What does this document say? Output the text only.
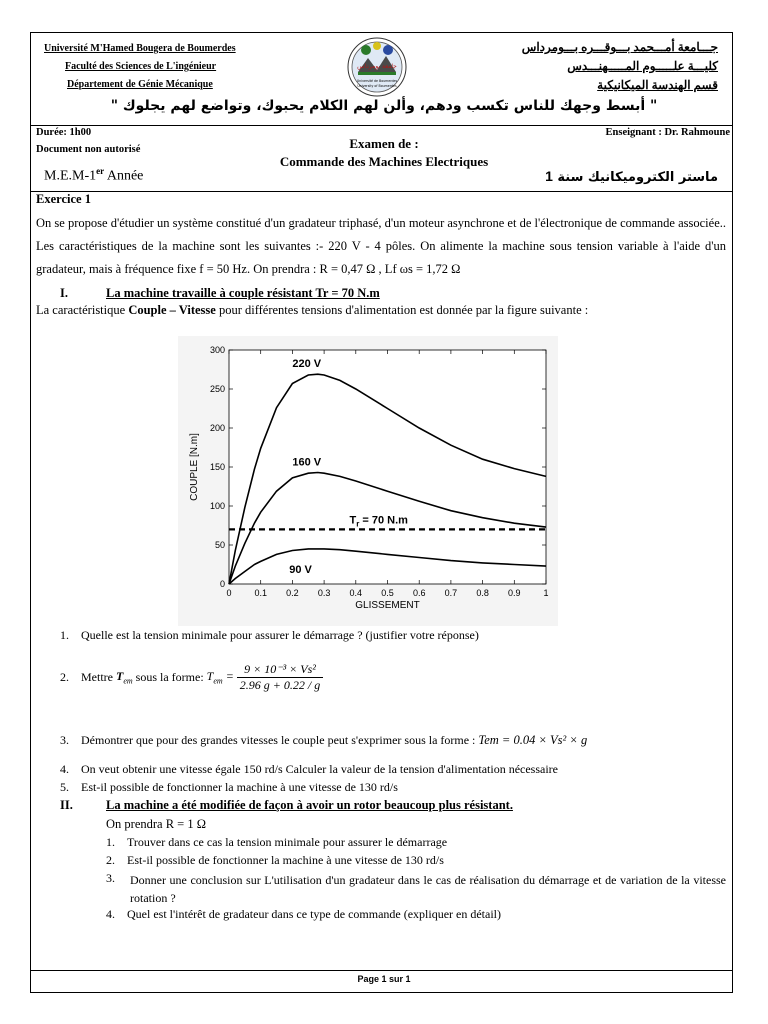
Université M'Hamed Bougera de Boumerdes
Faculté des Sciences de L'ingénieur
Département de Génie Mécanique
جامعة بومرداس
Université de Boumerdes
University of Boumerdes
جـــامعة أمـــحمد بـــوقـــره بـــومرداس
كليـــة علـــــوم المـــــهنـــدس
قسم الهندسة الميكانيكية
" أبسط وجهك للناس تكسب ودهم، وألن لهم الكلام يحبوك، وتواضع لهم يجلوك "
Durée: 1h00
Document non autorisé
Enseignant : Dr. Rahmoune
Examen de :
Commande des Machines Electriques
M.E.M-1er Année	ماستر الكتروميكانيك سنة 1
Exercice 1
On se propose d'étudier un système constitué d'un gradateur triphasé, d'un moteur asynchrone et de l'électronique de commande associée.. Les caractéristiques de la machine sont les suivantes :- 220 V - 4 pôles. On alimente la machine sous tension variable à l'aide d'un gradateur, mais à fréquence fixe f = 50 Hz. On prendra : R = 0,47 Ω , Lf ωs = 1,72 Ω
I.	La machine travaille à couple résistant Tr = 70 N.m
La caractéristique Couple – Vitesse pour différentes tensions d'alimentation est donnée par la figure suivante :
0	0.1 0.2 0.3 0.4 0.5 0.6 0.7 0.8 0.9	1
0
50
100
150
200
250
300
GLISSEMENT
COUPLE [N.m]
$T_r = 70$ N.m
220 V
160 V
90 V
1. Quelle est la tension minimale pour assurer le démarrage ? (justifier votre réponse)
2. Mettre $T_{em}$ sous la forme: $T_{em} = \frac{\text{9 × 10⁻³ × Vs²}}{2.96 g + 0.22 / g}$
3. Démontrer que pour des grandes vitesses le couple peut s'exprimer sous la forme : Tem = 0.04 × Vs² × g
4. On veut obtenir une vitesse égale 150 rd/s Calculer la valeur de la tension d'alimentation nécessaire
5. Est-il possible de fonctionner la machine à une vitesse de 130 rd/s
II.	La machine a été modifiée de façon à avoir un rotor beaucoup plus résistant.
On prendra R = 1 Ω
1. Trouver dans ce cas la tension minimale pour assurer le démarrage
2. Est-il possible de fonctionner la machine à une vitesse de 130 rd/s
3.	Donner une conclusion sur L'utilisation d'un gradateur dans le cas de réalisation du démarrage et de variation de la vitesse rotation ?
4. Quel est l'intérêt de gradateur dans ce type de commande (expliquer en détail)
Page 1 sur 1
